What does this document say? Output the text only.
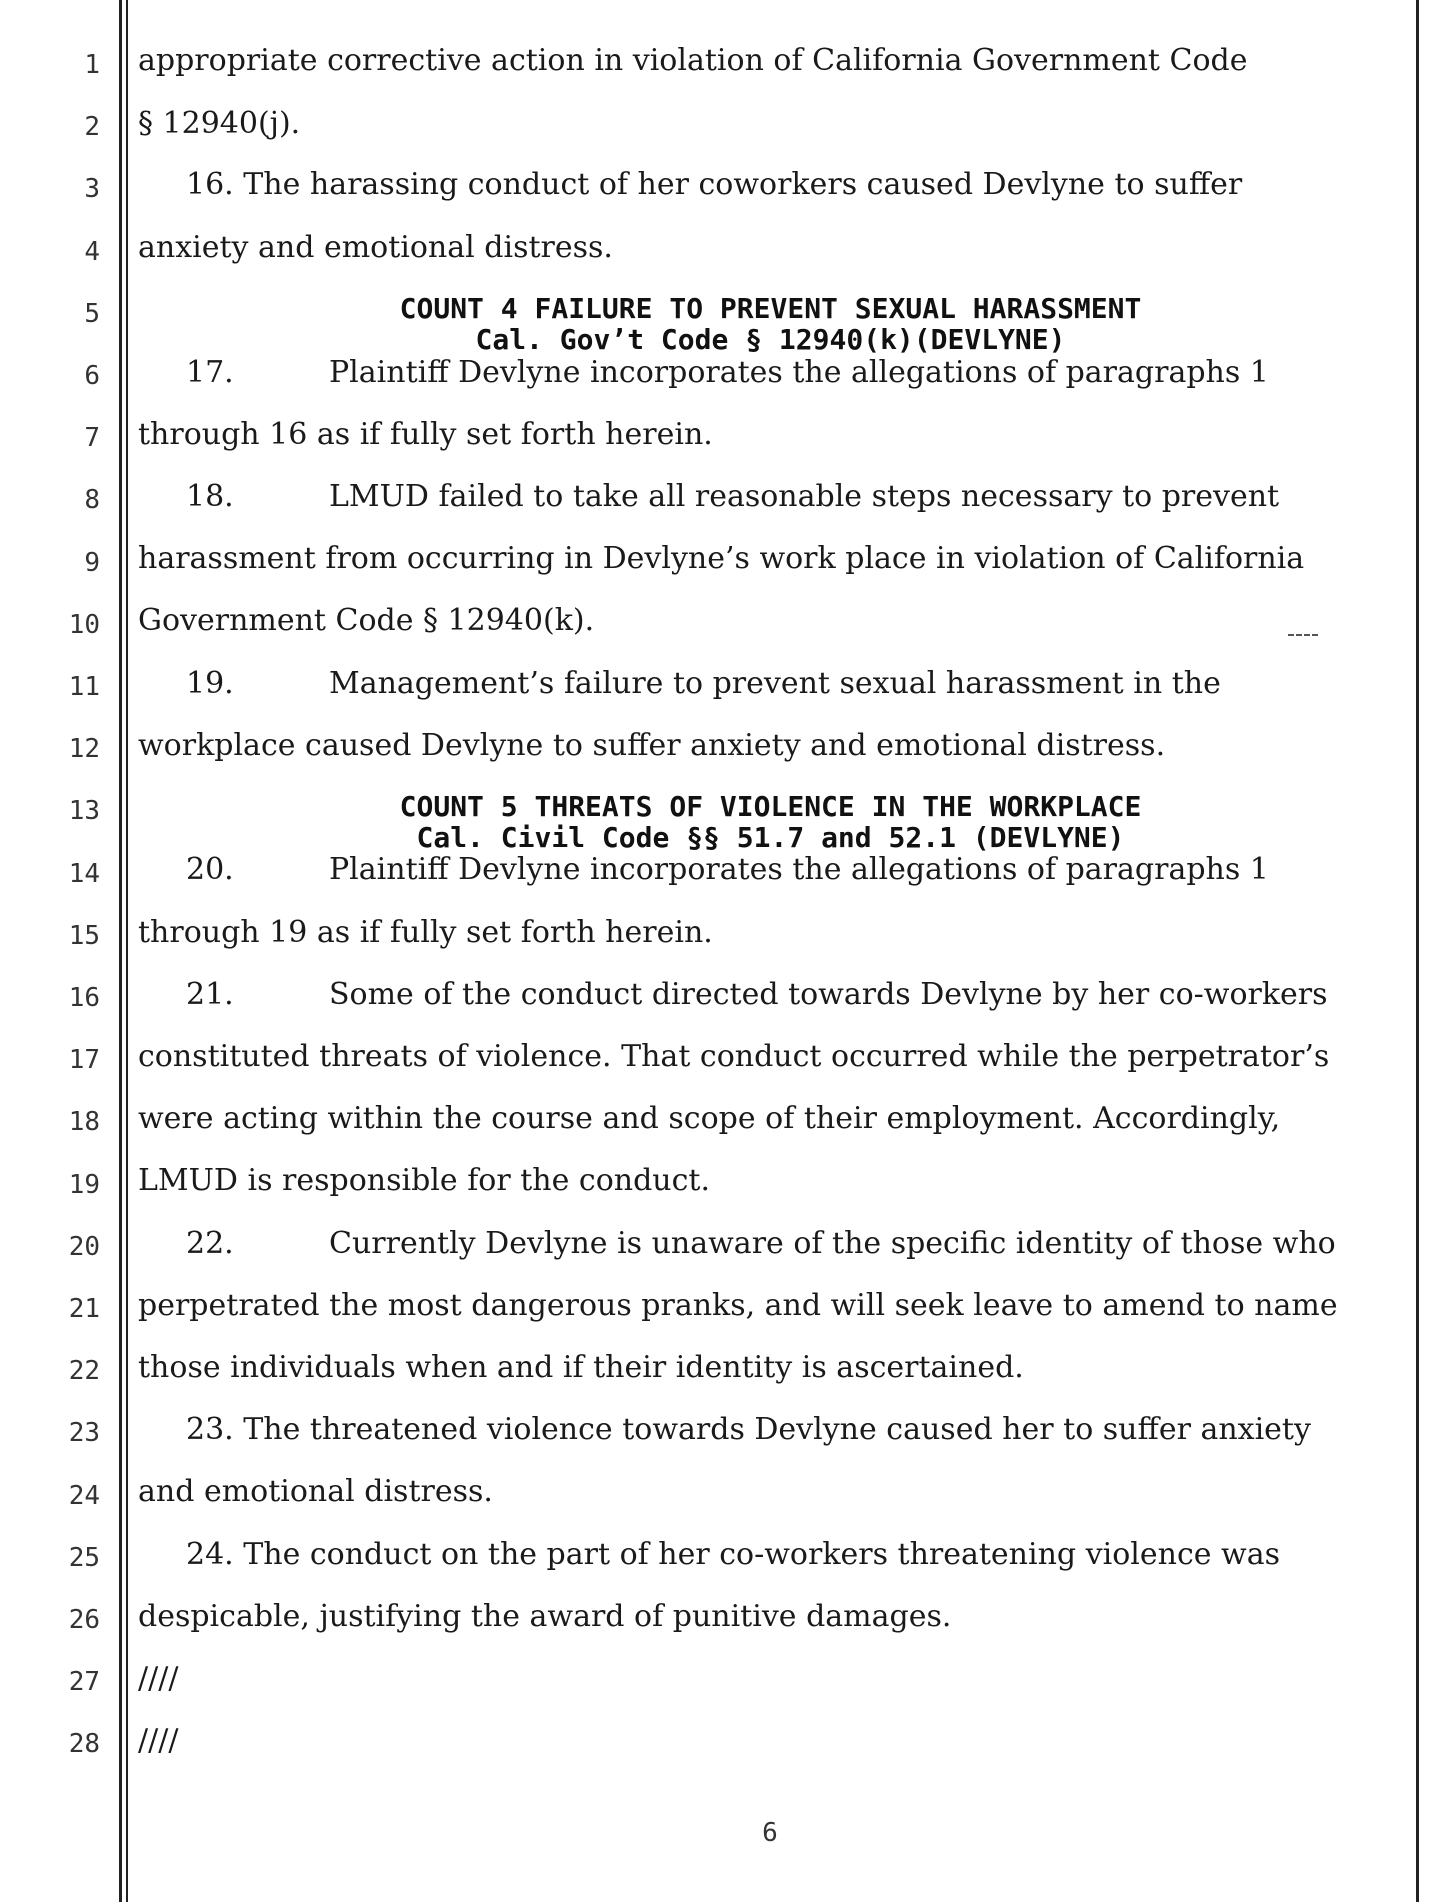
1
2
3
4
5
6
7
8
9
10
11
12
13
14
15
16
17
18
19
20
21
22
23
24
25
26
27
28
appropriate corrective action in violation of California Government Code
§ 12940(j).
16. The harassing conduct of her coworkers caused Devlyne to suffer
anxiety and emotional distress.
COUNT 4 FAILURE TO PREVENT SEXUAL HARASSMENT
Cal. Gov’t Code § 12940(k)(DEVLYNE)
17.	Plaintiff Devlyne incorporates the allegations of paragraphs 1
through 16 as if fully set forth herein.
18.	LMUD failed to take all reasonable steps necessary to prevent
harassment from occurring in Devlyne’s work place in violation of California
Government Code § 12940(k).
19.	Management’s failure to prevent sexual harassment in the
workplace caused Devlyne to suffer anxiety and emotional distress.
COUNT 5 THREATS OF VIOLENCE IN THE WORKPLACE
Cal. Civil Code §§ 51.7 and 52.1 (DEVLYNE)
20.	Plaintiff Devlyne incorporates the allegations of paragraphs 1
through 19 as if fully set forth herein.
21.	Some of the conduct directed towards Devlyne by her co-workers
constituted threats of violence. That conduct occurred while the perpetrator’s
were acting within the course and scope of their employment. Accordingly,
LMUD is responsible for the conduct.
22.	Currently Devlyne is unaware of the specific identity of those who
perpetrated the most dangerous pranks, and will seek leave to amend to name
those individuals when and if their identity is ascertained.
23. The threatened violence towards Devlyne caused her to suffer anxiety
and emotional distress.
24. The conduct on the part of her co-workers threatening violence was
despicable, justifying the award of punitive damages.
////
////
6
